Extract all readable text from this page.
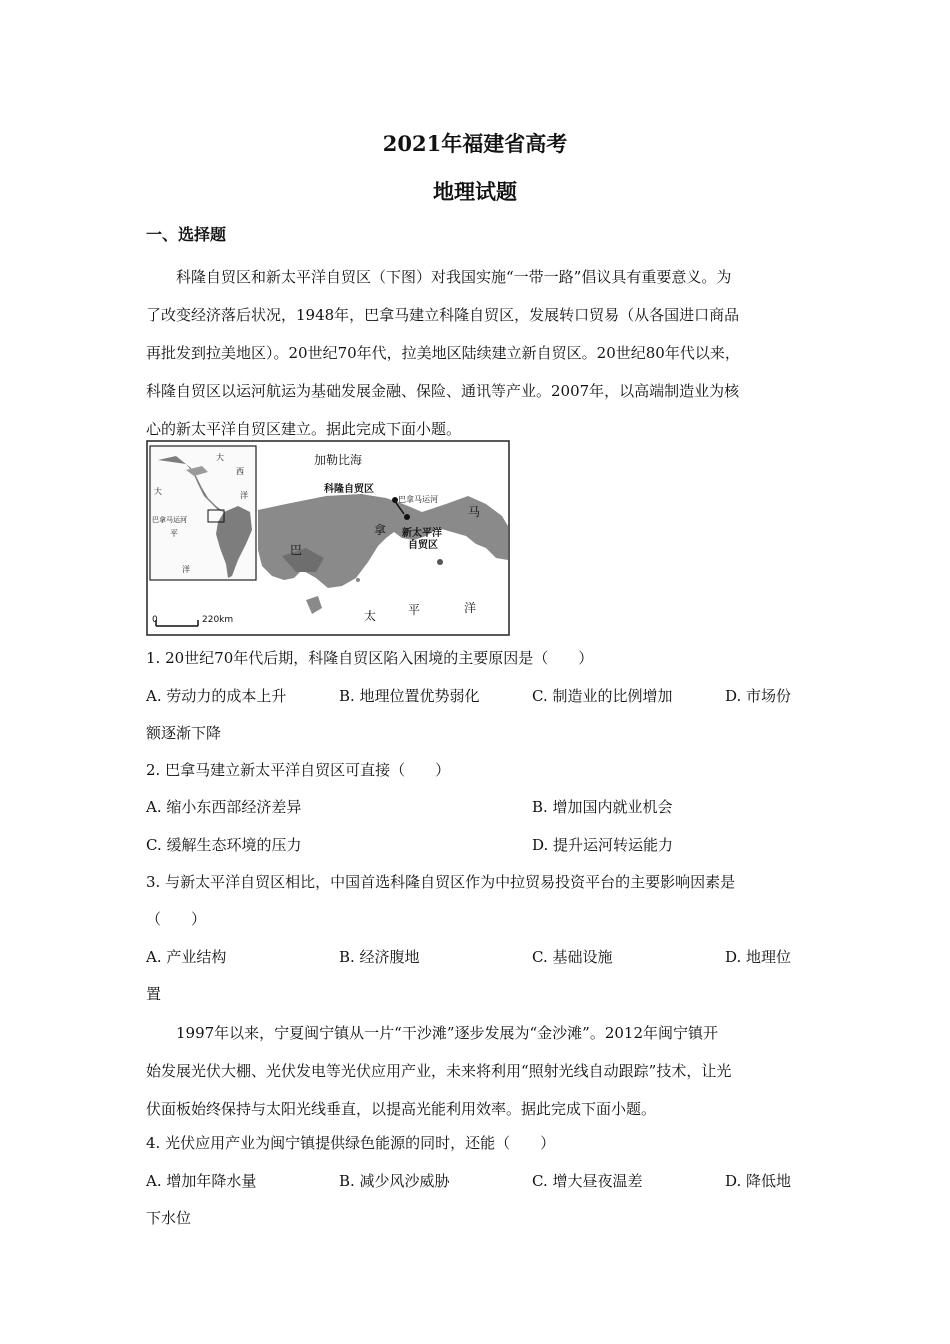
2021年福建省高考
地理试题
一、选择题
科隆自贸区和新太平洋自贸区（下图）对我国实施“一带一路”倡议具有重要意义。为
了改变经济落后状况，1948年，巴拿马建立科隆自贸区，发展转口贸易（从各国进口商品
再批发到拉美地区）。20世纪70年代，拉美地区陆续建立新自贸区。20世纪80年代以来，
科隆自贸区以运河航运为基础发展金融、保险、通讯等产业。2007年，以高端制造业为核
心的新太平洋自贸区建立。据此完成下面小题。
大
西
大	洋
巴拿马运河
平
洋
加勒比海
科隆自贸区
巴拿马运河
新太平洋
自贸区
巴
拿
马
太	平	洋
0	220km
1. 20世纪70年代后期，科隆自贸区陷入困境的主要原因是（　　）
A. 劳动力的成本上升	B. 地理位置优势弱化	C. 制造业的比例增加	D. 市场份
额逐渐下降
2. 巴拿马建立新太平洋自贸区可直接（　　）
A. 缩小东西部经济差异	B. 增加国内就业机会
C. 缓解生态环境的压力	D. 提升运河转运能力
3. 与新太平洋自贸区相比，中国首选科隆自贸区作为中拉贸易投资平台的主要影响因素是
（　　）
A. 产业结构	B. 经济腹地	C. 基础设施	D. 地理位
置
1997年以来，宁夏闽宁镇从一片“干沙滩”逐步发展为“金沙滩”。2012年闽宁镇开
始发展光伏大棚、光伏发电等光伏应用产业，未来将利用“照射光线自动跟踪”技术，让光
伏面板始终保持与太阳光线垂直，以提高光能利用效率。据此完成下面小题。
4. 光伏应用产业为闽宁镇提供绿色能源的同时，还能（　　）
A. 增加年降水量	B. 减少风沙威胁	C. 增大昼夜温差	D. 降低地
下水位
